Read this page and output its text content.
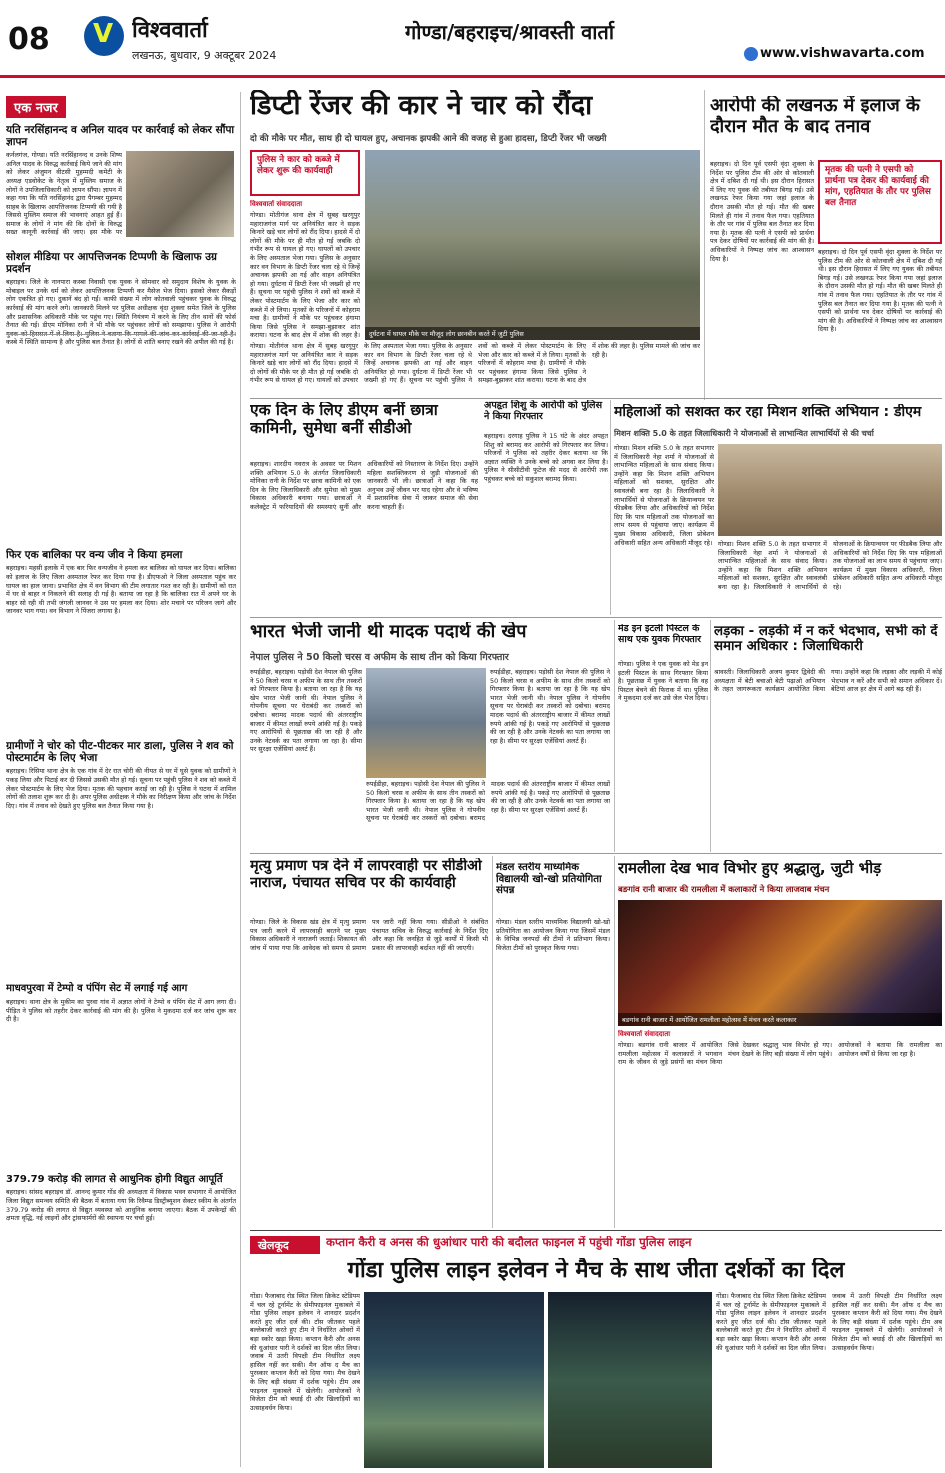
08	V विश्ववार्ता
लखनऊ, बुधवार, 9 अक्टूबर 2024
गोण्डा/बहराइच/श्रावस्ती वार्ता
www.vishwavarta.com
एक नजर
यति नरसिंहानन्द व अनिल यादव पर कार्रवाई को लेकर सौंपा ज्ञापन

कर्नलगंज, गोण्डा। यति नरसिंहानन्द व उनके शिष्य अनिल यादव के विरुद्ध कार्रवाई किये जाने की मांग को लेकर अंजुमन वीटसी मुहम्मदी कमेटी के अध्यक्ष एडवोकेट के नेतृत्व में मुस्लिम समाज के लोगों ने उपजिलाधिकारी को ज्ञापन सौंपा। ज्ञापन में कहा गया कि यति नरसिंहानंद द्वारा पैगम्बर मुहम्मद साहब के खिलाफ आपत्तिजनक टिप्पणी की गयी है जिससे मुस्लिम समाज की भावनाएं आहत हुई हैं। समाज के लोगों ने मांग की कि दोनों के विरुद्ध सख्त कानूनी कार्रवाई की जाए। इस मौके पर

सोशल मीडिया पर आपत्तिजनक टिप्पणी के खिलाफ उग्र प्रदर्शन

बहराइच। जिले के नानपारा कस्बा निवासी एक युवक ने सोमवार को समुदाय विशेष के युवक के मोबाइल पर उनके धर्म को लेकर आपत्तिजनक टिप्पणी कर मैसेज भेज दिया। इसको लेकर सैकड़ों लोग एकत्रित हो गए। दुकानें बंद हो गईं। काफी संख्या में लोग कोतवाली पहुंचकर युवक के विरुद्ध कार्रवाई की मांग करने लगे। जानकारी मिलने पर पुलिस अधीक्षक वृंदा शुक्ला समेत जिले के पुलिस और प्रशासनिक अधिकारी मौके पर पहुंच गए। स्थिति नियंत्रण में करने के लिए तीन थानों की फोर्स तैनात की गई। डीएम मोनिका रानी ने भी मौके पर पहुंचकर लोगों को समझाया। पुलिस ने आरोपी कस्बे में स्थिति सामान्य है और पुलिस बल तैनात है। लोगों से शांति बनाए रखने की अपील की गई है।

फिर एक बालिका पर वन्य जीव ने किया हमला

बहराइच। महसी इलाके में एक बार फिर वन्यजीव ने हमला कर बालिका को घायल कर दिया। बालिका को इलाज के लिए जिला अस्पताल रेफर कर दिया गया है। डीएफओ ने जिला अस्पताल पहुंच कर घायल का हाल जाना। प्रभावित क्षेत्र में वन विभाग की टीम लगातार गश्त कर रही है। ग्रामीणों को रात में घर से बाहर न निकलने की सलाह दी गई है। बताया जा रहा है कि बालिका रात में अपने घर के बाहर सो रही थी तभी जंगली जानवर ने उस पर हमला कर दिया। शोर मचाने पर परिजन जागे और जानवर भाग गया। वन विभाग ने पिंजरा लगाया है।

ग्रामीणों ने चोर को पीट-पीटकर मार डाला, पुलिस ने शव को पोस्टमार्टम के लिए भेजा

बहराइच। रिसिया थाना क्षेत्र के एक गांव में देर रात चोरी की नीयत से घर में घुसे युवक को ग्रामीणों ने पकड़ लिया और पिटाई कर दी जिससे उसकी मौत हो गई। सूचना पर पहुंची पुलिस ने शव को कब्जे में लेकर पोस्टमार्टम के लिए भेज दिया। मृतक की पहचान कराई जा रही है। पुलिस ने घटना में शामिल लोगों की तलाश शुरू कर दी है। अपर पुलिस अधीक्षक ने मौके का निरीक्षण किया और जांच के निर्देश दिए। गांव में तनाव को देखते हुए पुलिस बल तैनात किया गया है।

माधवपुरवा में टेम्पो व पंपिंग सेट में लगाई गई आग

बहराइच। थाना क्षेत्र के मुकीम का पुरवा गांव में अज्ञात लोगों ने टेम्पो व पंपिंग सेट में आग लगा दी। पीड़ित ने पुलिस को तहरीर देकर कार्रवाई की मांग की है। पुलिस ने मुकदमा दर्ज कर जांच शुरू कर दी है।

379.79 करोड़ की लागत से आधुनिक होगी विद्युत आपूर्ति

बहराइच। सांसद बहराइच डॉ. आनन्द कुमार गोंड की अध्यक्षता में विकास भवन सभागार में आयोजित जिला विद्युत समन्वय समिति की बैठक में बताया गया कि रिवैम्प्ड डिस्ट्रीब्यूशन सेक्टर स्कीम के अंतर्गत 379.79 करोड़ की लागत से विद्युत व्यवस्था को आधुनिक बनाया जाएगा। बैठक में उपकेन्द्रों की क्षमता वृद्धि, नई लाइनों और ट्रांसफार्मरों की स्थापना पर चर्चा हुई।

डिप्टी रेंजर की कार ने चार को रौंदा
दो की मौके पर मौत, साथ ही दो घायल हुए, अचानक झपकी आने की वजह से हुआ हादसा, डिप्टी रेंजर भी जख्मी
पुलिस ने कार को कब्जे में लेकर शुरू की कार्यवाही
दुर्घटना में घायल मौके पर मौजूद लोग छानबीन करते में जुटी पुलिस
विश्ववार्ता संवाददाता

गोण्डा। मोतीगंज थाना क्षेत्र में सुबह खरगूपुर महाराजगंज मार्ग पर अनियंत्रित कार ने सड़क किनारे खड़े चार लोगों को रौंद दिया। हादसे में दो लोगों की मौके पर ही मौत हो गई जबकि दो गंभीर रूप से घायल हो गए। घायलों को उपचार के लिए अस्पताल भेजा गया। पुलिस के अनुसार कार वन विभाग के डिप्टी रेंजर चला रहे थे जिन्हें अचानक झपकी आ गई और वाहन अनियंत्रित हो गया। दुर्घटना में डिप्टी रेंजर भी जख्मी हो गए हैं। सूचना पर पहुंची पुलिस ने शवों को कब्जे में लेकर पोस्टमार्टम के लिए भेजा और कार को कब्जे में ले लिया। मृतकों के परिजनों में कोहराम मचा है। ग्रामीणों ने मौके पर पहुंचकर हंगामा किया जिसे पुलिस ने समझा-बुझाकर शांत कराया। घटना के बाद क्षेत्र में शोक की लहर है।

गोण्डा। मोतीगंज थाना क्षेत्र में सुबह खरगूपुर महाराजगंज मार्ग पर अनियंत्रित कार ने सड़क किनारे खड़े चार लोगों को रौंद दिया। हादसे में दो लोगों की मौके पर ही मौत हो गई जबकि दो गंभीर रूप से घायल हो गए। घायलों को उपचार के लिए अस्पताल भेजा गया। पुलिस के अनुसार कार वन विभाग के डिप्टी रेंजर चला रहे थे जिन्हें अचानक झपकी आ गई और वाहन अनियंत्रित हो गया। दुर्घटना में डिप्टी रेंजर भी जख्मी हो गए हैं। सूचना पर पहुंची पुलिस ने शवों को कब्जे में लेकर पोस्टमार्टम के लिए भेजा और कार को कब्जे में ले लिया। मृतकों के परिजनों में कोहराम मचा है। ग्रामीणों ने मौके पर पहुंचकर हंगामा किया जिसे पुलिस ने समझा-बुझाकर शांत कराया। घटना के बाद क्षेत्र में शोक की लहर है। पुलिस मामले की जांच कर रही है।

आरोपी की लखनऊ में इलाज के दौरान मौत के बाद तनाव
मृतक की पत्नी ने एसपी को प्रार्थना पत्र देकर की कार्यवाई की मांग, एहतियात के तौर पर पुलिस बल तैनात

बहराइच। दो दिन पूर्व एसपी वृंदा शुक्ला के निर्देश पर पुलिस टीम की ओर से कोतवाली क्षेत्र में दबिश दी गई थी। इस दौरान हिरासत में लिए गए युवक की तबीयत बिगड़ गई। उसे लखनऊ रेफर किया गया जहां इलाज के दौरान उसकी मौत हो गई। मौत की खबर मिलते ही गांव में तनाव फैल गया। एहतियात के तौर पर गांव में पुलिस बल तैनात कर दिया गया है। मृतक की पत्नी ने एसपी को प्रार्थना पत्र देकर दोषियों पर कार्रवाई की मांग की है। अधिकारियों ने निष्पक्ष जांच का आश्वासन दिया है।

बहराइच। दो दिन पूर्व एसपी वृंदा शुक्ला के निर्देश पर पुलिस टीम की ओर से कोतवाली क्षेत्र में दबिश दी गई थी। इस दौरान हिरासत में लिए गए युवक की तबीयत बिगड़ गई। उसे लखनऊ रेफर किया गया जहां इलाज के दौरान उसकी मौत हो गई। मौत की खबर मिलते ही गांव में तनाव फैल गया। एहतियात के तौर पर गांव में पुलिस बल तैनात कर दिया गया है। मृतक की पत्नी ने एसपी को प्रार्थना पत्र देकर दोषियों पर कार्रवाई की मांग की है। अधिकारियों ने निष्पक्ष जांच का आश्वासन दिया है।

एक दिन के लिए डीएम बनीं छात्रा कामिनी, सुमेधा बनीं सीडीओ

बहराइच। शारदीय नवरात्र के अवसर पर मिशन शक्ति अभियान 5.0 के अंतर्गत जिलाधिकारी मोनिका रानी के निर्देश पर छात्रा कामिनी को एक दिन के लिए जिलाधिकारी और सुमेधा को मुख्य विकास अधिकारी बनाया गया। छात्राओं ने कलेक्ट्रेट में फरियादियों की समस्याएं सुनीं और अधिकारियों को निस्तारण के निर्देश दिए। उन्होंने महिला सशक्तिकरण से जुड़ी योजनाओं की जानकारी भी ली। छात्राओं ने कहा कि यह अनुभव उन्हें जीवन भर याद रहेगा और वे भविष्य में प्रशासनिक सेवा में जाकर समाज की सेवा करना चाहती हैं।

अपहृत शिशु के आरोपी को पुलिस ने किया गिरफ्तार

बहराइच। दरगाह पुलिस ने 15 घंटे के अंदर अपहृत शिशु को बरामद कर आरोपी को गिरफ्तार कर लिया। परिजनों ने पुलिस को तहरीर देकर बताया था कि अज्ञात व्यक्ति ने उनके बच्चे को अगवा कर लिया है। पुलिस ने सीसीटीवी फुटेज की मदद से आरोपी तक पहुंचकर बच्चे को सकुशल बरामद किया।

महिलाओं को सशक्त कर रहा मिशन शक्ति अभियान : डीएम
मिशन शक्ति 5.0 के तहत जिलाधिकारी ने योजनाओं से लाभान्वित लाभार्थियों से की चर्चा

गोण्डा। मिशन शक्ति 5.0 के तहत सभागार में जिलाधिकारी नेहा शर्मा ने योजनाओं से लाभान्वित महिलाओं के साथ संवाद किया। उन्होंने कहा कि मिशन शक्ति अभियान महिलाओं को सशक्त, सुरक्षित और स्वावलंबी बना रहा है। जिलाधिकारी ने लाभार्थियों से योजनाओं के क्रियान्वयन पर फीडबैक लिया और अधिकारियों को निर्देश दिए कि पात्र महिलाओं तक योजनाओं का लाभ समय से पहुंचाया जाए। कार्यक्रम में मुख्य विकास अधिकारी, जिला प्रोबेशन अधिकारी सहित अन्य अधिकारी मौजूद रहे। गोण्डा। मिशन शक्ति 5.0 के तहत सभागार में जिलाधिकारी नेहा शर्मा ने योजनाओं से लाभान्वित महिलाओं के साथ संवाद किया। उन्होंने कहा कि मिशन शक्ति अभियान महिलाओं को सशक्त, सुरक्षित और स्वावलंबी बना रहा है। जिलाधिकारी ने लाभार्थियों से योजनाओं के क्रियान्वयन पर फीडबैक लिया और अधिकारियों को निर्देश दिए कि पात्र महिलाओं तक योजनाओं का लाभ समय से पहुंचाया जाए। कार्यक्रम में मुख्य विकास अधिकारी, जिला प्रोबेशन अधिकारी सहित अन्य अधिकारी मौजूद रहे।

भारत भेजी जानी थी मादक पदार्थ की खेप
नेपाल पुलिस ने 50 किलो चरस व अफीम के साथ तीन को किया गिरफ्तार

रुपईडीहा, बहराइच। पड़ोसी देश नेपाल की पुलिस ने 50 किलो चरस व अफीम के साथ तीन तस्करों को गिरफ्तार किया है। बताया जा रहा है कि यह खेप भारत भेजी जानी थी। नेपाल पुलिस ने गोपनीय सूचना पर घेराबंदी कर तस्करों को दबोचा। बरामद मादक पदार्थ की अंतरराष्ट्रीय बाजार में कीमत लाखों रुपये आंकी गई है। पकड़े गए आरोपियों से पूछताछ की जा रही है और उनके नेटवर्क का पता लगाया जा रहा है। सीमा पर सुरक्षा एजेंसियां अलर्ट हैं।

रुपईडीहा, बहराइच। पड़ोसी देश नेपाल की पुलिस ने 50 किलो चरस व अफीम के साथ तीन तस्करों को गिरफ्तार किया है। बताया जा रहा है कि यह खेप भारत भेजी जानी थी। नेपाल पुलिस ने गोपनीय सूचना पर घेराबंदी कर तस्करों को दबोचा। बरामद मादक पदार्थ की अंतरराष्ट्रीय बाजार में कीमत लाखों रुपये आंकी गई है। पकड़े गए आरोपियों से पूछताछ की जा रही है और उनके नेटवर्क का पता लगाया जा रहा है। सीमा पर सुरक्षा एजेंसियां अलर्ट हैं।

रुपईडीहा, बहराइच। पड़ोसी देश नेपाल की पुलिस ने 50 किलो चरस व अफीम के साथ तीन तस्करों को गिरफ्तार किया है। बताया जा रहा है कि यह खेप भारत भेजी जानी थी। नेपाल पुलिस ने गोपनीय सूचना पर घेराबंदी कर तस्करों को दबोचा। बरामद मादक पदार्थ की अंतरराष्ट्रीय बाजार में कीमत लाखों रुपये आंकी गई है। पकड़े गए आरोपियों से पूछताछ की जा रही है और उनके नेटवर्क का पता लगाया जा रहा है। सीमा पर सुरक्षा एजेंसियां अलर्ट हैं।

मेड इन इटली पिस्टल के साथ एक युवक गिरफ्तार

गोण्डा। पुलिस ने एक युवक को मेड इन इटली पिस्टल के साथ गिरफ्तार किया है। पूछताछ में युवक ने बताया कि वह पिस्टल बेचने की फिराक में था। पुलिस ने मुकदमा दर्ज कर उसे जेल भेज दिया।

लड़का - लड़की में न करें भेदभाव, सभी को दें समान अधिकार : जिलाधिकारी

श्रावस्ती। जिलाधिकारी अजय कुमार द्विवेदी की अध्यक्षता में बेटी बचाओ बेटी पढ़ाओ अभियान के तहत जागरूकता कार्यक्रम आयोजित किया गया। उन्होंने कहा कि लड़का और लड़की में कोई भेदभाव न करें और सभी को समान अधिकार दें। बेटियां आज हर क्षेत्र में आगे बढ़ रही हैं।

मृत्यु प्रमाण पत्र देने में लापरवाही पर सीडीओ नाराज, पंचायत सचिव पर की कार्यवाही

गोण्डा। जिले के विकास खंड क्षेत्र में मृत्यु प्रमाण पत्र जारी करने में लापरवाही बरतने पर मुख्य विकास अधिकारी ने नाराजगी जताई। शिकायत की जांच में पाया गया कि आवेदक को समय से प्रमाण पत्र जारी नहीं किया गया। सीडीओ ने संबंधित पंचायत सचिव के विरुद्ध कार्रवाई के निर्देश दिए और कहा कि जनहित से जुड़े कार्यों में किसी भी प्रकार की लापरवाही बर्दाश्त नहीं की जाएगी।

मंडल स्तरीय माध्यमिक विद्यालयी खो-खो प्रतियोगिता संपन्न

गोण्डा। मंडल स्तरीय माध्यमिक विद्यालयी खो-खो प्रतियोगिता का आयोजन किया गया जिसमें मंडल के विभिन्न जनपदों की टीमों ने प्रतिभाग किया। विजेता टीमों को पुरस्कृत किया गया।

रामलीला देख भाव विभोर हुए श्रद्धालु, जुटी भीड़
बङगांव रानी बाजार की रामलीला में कलाकारों ने किया लाजवाब मंचन
बङगांव रानी बाजार में आयोजित रामलीला महोत्सव में मंचन करते कलाकार
विश्ववार्ता संवाददाता

गोण्डा। बङगांव रानी बाजार में आयोजित रामलीला महोत्सव में कलाकारों ने भगवान राम के जीवन से जुड़े प्रसंगों का मंचन किया जिसे देखकर श्रद्धालु भाव विभोर हो गए। मंचन देखने के लिए बड़ी संख्या में लोग पहुंचे। आयोजकों ने बताया कि रामलीला का आयोजन वर्षों से किया जा रहा है।

खेलकूद	कप्तान कैरी व अनस की धुआंधार पारी की बदौलत फाइनल में पहुंची गोंडा पुलिस लाइन
गोंडा पुलिस लाइन इलेवन ने मैच के साथ जीता दर्शकों का दिल

गोंडा। फैजाबाद रोड स्थित जिला क्रिकेट स्टेडियम में चल रहे टूर्नामेंट के सेमीफाइनल मुकाबले में गोंडा पुलिस लाइन इलेवन ने शानदार प्रदर्शन करते हुए जीत दर्ज की। टॉस जीतकर पहले बल्लेबाजी करते हुए टीम ने निर्धारित ओवरों में बड़ा स्कोर खड़ा किया। कप्तान कैरी और अनस की धुआंधार पारी ने दर्शकों का दिल जीत लिया। जवाब में उतरी विपक्षी टीम निर्धारित लक्ष्य हासिल नहीं कर सकी। मैन ऑफ द मैच का पुरस्कार कप्तान कैरी को दिया गया। मैच देखने के लिए बड़ी संख्या में दर्शक पहुंचे। टीम अब फाइनल मुकाबले में खेलेगी। आयोजकों ने विजेता टीम को बधाई दी और खिलाड़ियों का उत्साहवर्धन किया।

गोंडा। फैजाबाद रोड स्थित जिला क्रिकेट स्टेडियम में चल रहे टूर्नामेंट के सेमीफाइनल मुकाबले में गोंडा पुलिस लाइन इलेवन ने शानदार प्रदर्शन करते हुए जीत दर्ज की। टॉस जीतकर पहले बल्लेबाजी करते हुए टीम ने निर्धारित ओवरों में बड़ा स्कोर खड़ा किया। कप्तान कैरी और अनस की धुआंधार पारी ने दर्शकों का दिल जीत लिया। जवाब में उतरी विपक्षी टीम निर्धारित लक्ष्य हासिल नहीं कर सकी। मैन ऑफ द मैच का पुरस्कार कप्तान कैरी को दिया गया। मैच देखने के लिए बड़ी संख्या में दर्शक पहुंचे। टीम अब फाइनल मुकाबले में खेलेगी। आयोजकों ने विजेता टीम को बधाई दी और खिलाड़ियों का उत्साहवर्धन किया।
